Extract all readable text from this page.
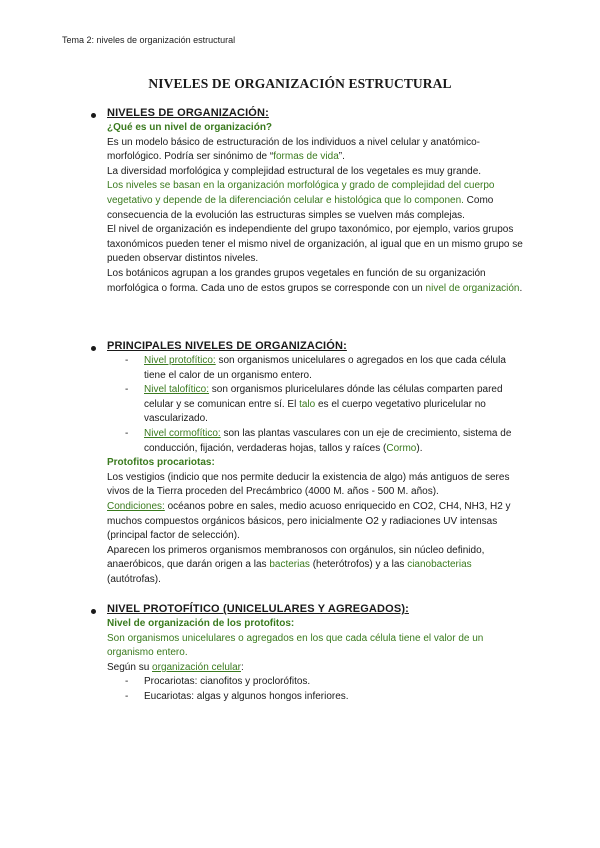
Tema 2: niveles de organización estructural
NIVELES DE ORGANIZACIÓN ESTRUCTURAL
NIVELES DE ORGANIZACIÓN:

¿Qué es un nivel de organización?

Es un modelo básico de estructuración de los individuos a nivel celular y anatómico-morfológico. Podría ser sinónimo de “formas de vida”.

La diversidad morfológica y complejidad estructural de los vegetales es muy grande.

Los niveles se basan en la organización morfológica y grado de complejidad del cuerpo vegetativo y depende de la diferenciación celular e histológica que lo componen. Como consecuencia de la evolución las estructuras simples se vuelven más complejas.

El nivel de organización es independiente del grupo taxonómico, por ejemplo, varios grupos taxonómicos pueden tener el mismo nivel de organización, al igual que en un mismo grupo se pueden observar distintos niveles.

Los botánicos agrupan a los grandes grupos vegetales en función de su organización morfológica o forma. Cada uno de estos grupos se corresponde con un nivel de organización.

PRINCIPALES NIVELES DE ORGANIZACIÓN:
- Nivel protofítico: son organismos unicelulares o agregados en los que cada célula tiene el calor de un organismo entero.
- Nivel talofítico: son organismos pluricelulares dónde las células comparten pared celular y se comunican entre sí. El talo es el cuerpo vegetativo pluricelular no vascularizado.
- Nivel cormofítico: son las plantas vasculares con un eje de crecimiento, sistema de conducción, fijación, verdaderas hojas, tallos y raíces (Cormo).

Protofitos procariotas:

Los vestigios (indicio que nos permite deducir la existencia de algo) más antiguos de seres vivos de la Tierra proceden del Precámbrico (4000 M. años - 500 M. años).

Condiciones: océanos pobre en sales, medio acuoso enriquecido en CO2, CH4, NH3, H2 y muchos compuestos orgánicos básicos, pero inicialmente O2 y radiaciones UV intensas (principal factor de selección).

Aparecen los primeros organismos membranosos con orgánulos, sin núcleo definido, anaeróbicos, que darán origen a las bacterias (heterótrofos) y a las cianobacterias (autótrofas).

NIVEL PROTOFÍTICO (UNICELULARES Y AGREGADOS):

Nivel de organización de los protofitos:

Son organismos unicelulares o agregados en los que cada célula tiene el valor de un organismo entero.

Según su organización celular:

- Procariotas: cianofitos y proclorófitos.
- Eucariotas: algas y algunos hongos inferiores.
